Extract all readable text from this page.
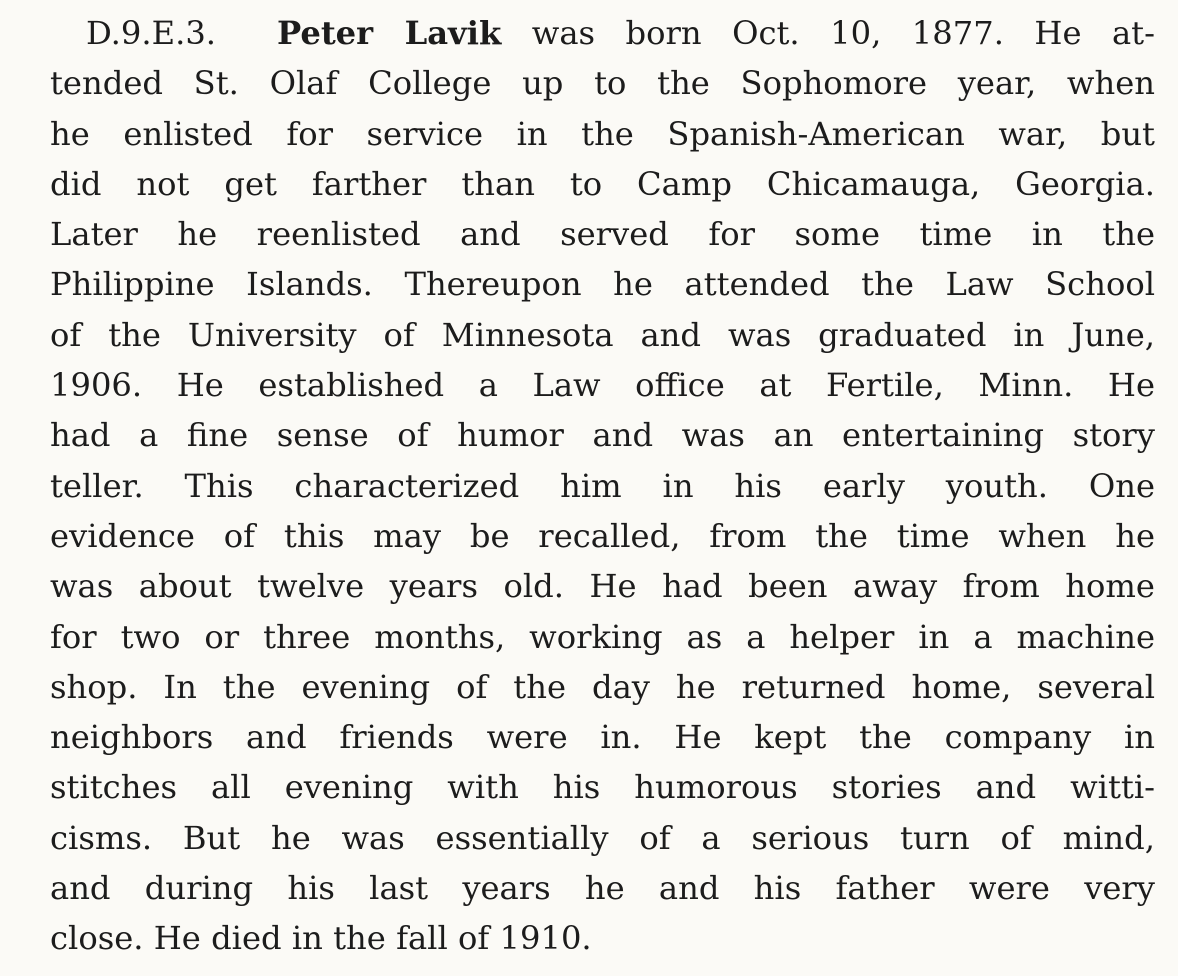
D.9.E.3. Peter Lavik was born Oct. 10, 1877. He at-
tended St. Olaf College up to the Sophomore year, when
he enlisted for service in the Spanish-American war, but
did not get farther than to Camp Chicamauga, Georgia.
Later he reenlisted and served for some time in the
Philippine Islands. Thereupon he attended the Law School
of the University of Minnesota and was graduated in June,
1906. He established a Law office at Fertile, Minn. He
had a fine sense of humor and was an entertaining story
teller. This characterized him in his early youth. One
evidence of this may be recalled, from the time when he
was about twelve years old. He had been away from home
for two or three months, working as a helper in a machine
shop. In the evening of the day he returned home, several
neighbors and friends were in. He kept the company in
stitches all evening with his humorous stories and witti-
cisms. But he was essentially of a serious turn of mind,
and during his last years he and his father were very
close. He died in the fall of 1910.
